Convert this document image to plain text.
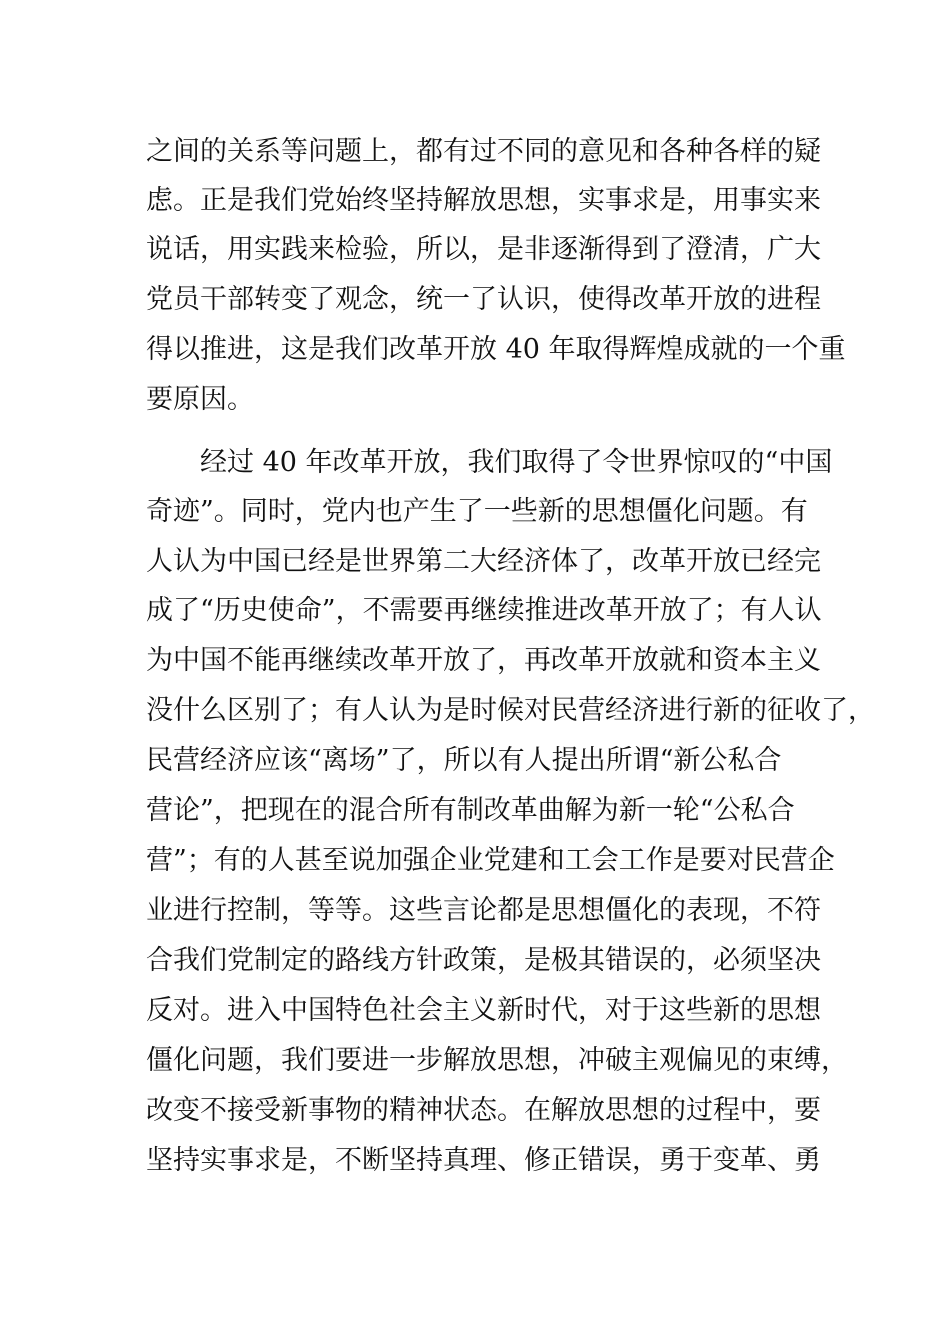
之间的关系等问题上，都有过不同的意见和各种各样的疑
虑。正是我们党始终坚持解放思想，实事求是，用事实来
说话，用实践来检验，所以，是非逐渐得到了澄清，广大
党员干部转变了观念，统一了认识，使得改革开放的进程
得以推进，这是我们改革开放 40 年取得辉煌成就的一个重
要原因。
经过 40 年改革开放，我们取得了令世界惊叹的“中国
奇迹”。同时，党内也产生了一些新的思想僵化问题。有
人认为中国已经是世界第二大经济体了，改革开放已经完
成了“历史使命”，不需要再继续推进改革开放了；有人认
为中国不能再继续改革开放了，再改革开放就和资本主义
没什么区别了；有人认为是时候对民营经济进行新的征收了，
民营经济应该“离场”了，所以有人提出所谓“新公私合
营论”，把现在的混合所有制改革曲解为新一轮“公私合
营”；有的人甚至说加强企业党建和工会工作是要对民营企
业进行控制，等等。这些言论都是思想僵化的表现，不符
合我们党制定的路线方针政策，是极其错误的，必须坚决
反对。进入中国特色社会主义新时代，对于这些新的思想
僵化问题，我们要进一步解放思想，冲破主观偏见的束缚，
改变不接受新事物的精神状态。在解放思想的过程中，要
坚持实事求是，不断坚持真理、修正错误，勇于变革、勇
